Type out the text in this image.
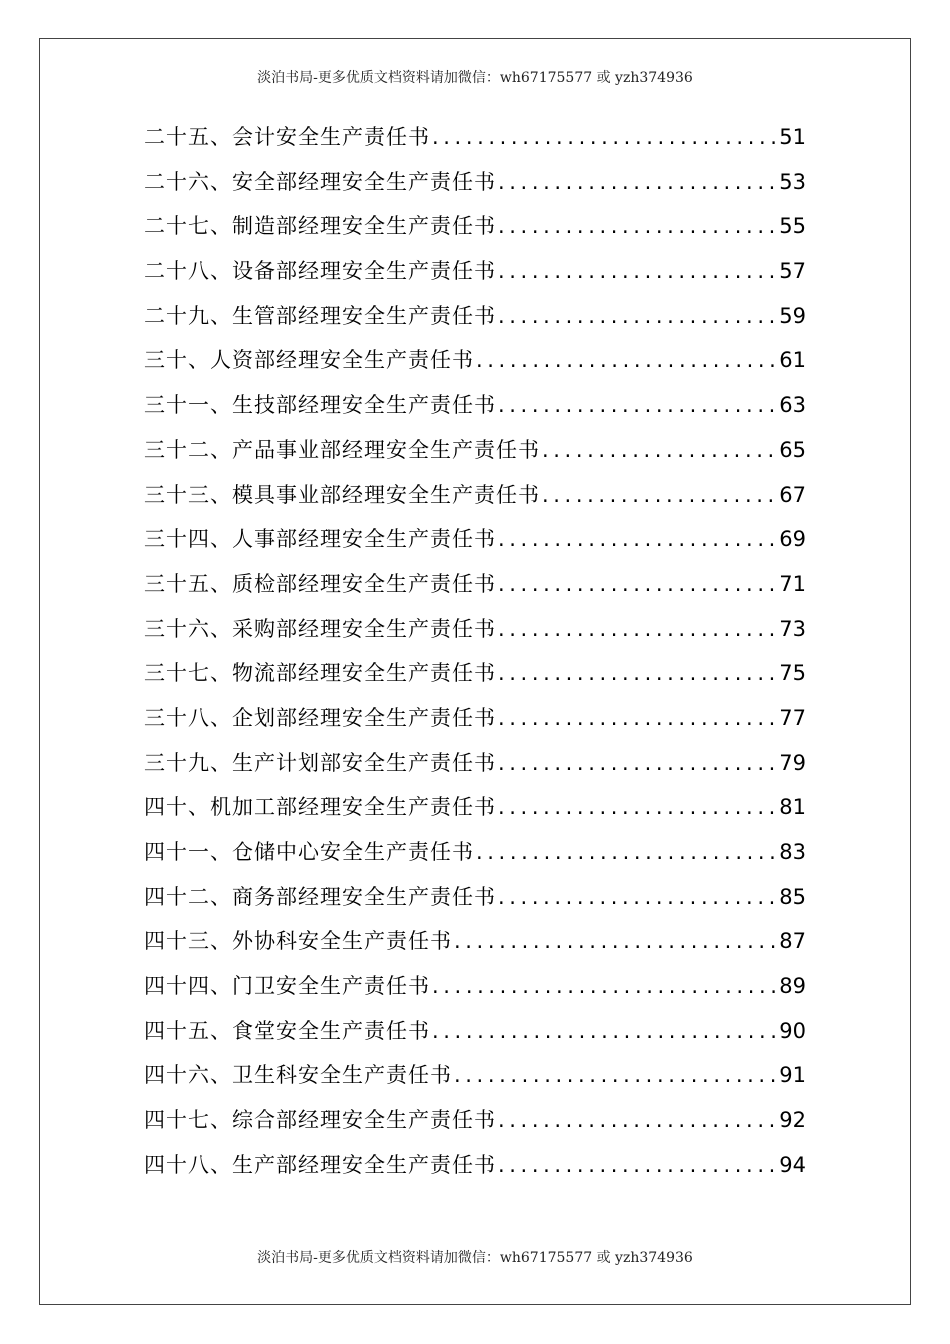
淡泊书局-更多优质文档资料请加微信：wh67175577 或 yzh374936
二十五、会计安全生产责任书 .....	51
二十六、安全部经理安全生产责任书 .....	53
二十七、制造部经理安全生产责任书 .....	55
二十八、设备部经理安全生产责任书 .....	57
二十九、生管部经理安全生产责任书 .....	59
三十、人资部经理安全生产责任书 .....	61
三十一、生技部经理安全生产责任书 .....	63
三十二、产品事业部经理安全生产责任书 .....	65
三十三、模具事业部经理安全生产责任书 .....	67
三十四、人事部经理安全生产责任书 .....	69
三十五、质检部经理安全生产责任书 .....	71
三十六、采购部经理安全生产责任书 .....	73
三十七、物流部经理安全生产责任书 .....	75
三十八、企划部经理安全生产责任书 .....	77
三十九、生产计划部安全生产责任书 .....	79
四十、机加工部经理安全生产责任书 .....	81
四十一、仓储中心安全生产责任书 .....	83
四十二、商务部经理安全生产责任书 .....	85
四十三、外协科安全生产责任书 .....	87
四十四、门卫安全生产责任书 .....	89
四十五、食堂安全生产责任书 .....	90
四十六、卫生科安全生产责任书 .....	91
四十七、综合部经理安全生产责任书 .....	92
四十八、生产部经理安全生产责任书 .....	94
淡泊书局-更多优质文档资料请加微信：wh67175577 或 yzh374936
